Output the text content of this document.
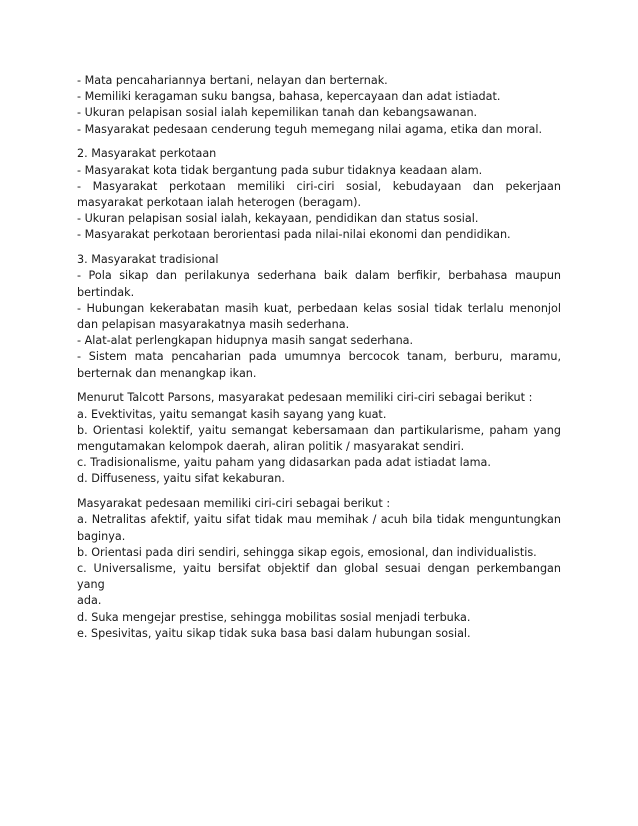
- Mata pencahariannya bertani, nelayan dan berternak.
- Memiliki keragaman suku bangsa, bahasa, kepercayaan dan adat istiadat.
- Ukuran pelapisan sosial ialah kepemilikan tanah dan kebangsawanan.
- Masyarakat pedesaan cenderung teguh memegang nilai agama, etika dan moral.
2. Masyarakat perkotaan
- Masyarakat kota tidak bergantung pada subur tidaknya keadaan alam.
- Masyarakat perkotaan memiliki ciri-ciri sosial, kebudayaan dan pekerjaan
masyarakat perkotaan ialah heterogen (beragam).
- Ukuran pelapisan sosial ialah, kekayaan, pendidikan dan status sosial.
- Masyarakat perkotaan berorientasi pada nilai-nilai ekonomi dan pendidikan.
3. Masyarakat tradisional
- Pola sikap dan perilakunya sederhana baik dalam berfikir, berbahasa maupun
bertindak.
- Hubungan kekerabatan masih kuat, perbedaan kelas sosial tidak terlalu menonjol
dan pelapisan masyarakatnya masih sederhana.
- Alat-alat perlengkapan hidupnya masih sangat sederhana.
- Sistem mata pencaharian pada umumnya bercocok tanam, berburu, maramu,
berternak dan menangkap ikan.
Menurut Talcott Parsons, masyarakat pedesaan memiliki ciri-ciri sebagai berikut :
a. Evektivitas, yaitu semangat kasih sayang yang kuat.
b. Orientasi kolektif, yaitu semangat kebersamaan dan partikularisme, paham yang
mengutamakan kelompok daerah, aliran politik / masyarakat sendiri.
c. Tradisionalisme, yaitu paham yang didasarkan pada adat istiadat lama.
d. Diffuseness, yaitu sifat kekaburan.
Masyarakat pedesaan memiliki ciri-ciri sebagai berikut :
a. Netralitas afektif, yaitu sifat tidak mau memihak / acuh bila tidak menguntungkan
baginya.
b. Orientasi pada diri sendiri, sehingga sikap egois, emosional, dan individualistis.
c. Universalisme, yaitu bersifat objektif dan global sesuai dengan perkembangan yang
ada.
d. Suka mengejar prestise, sehingga mobilitas sosial menjadi terbuka.
e. Spesivitas, yaitu sikap tidak suka basa basi dalam hubungan sosial.
